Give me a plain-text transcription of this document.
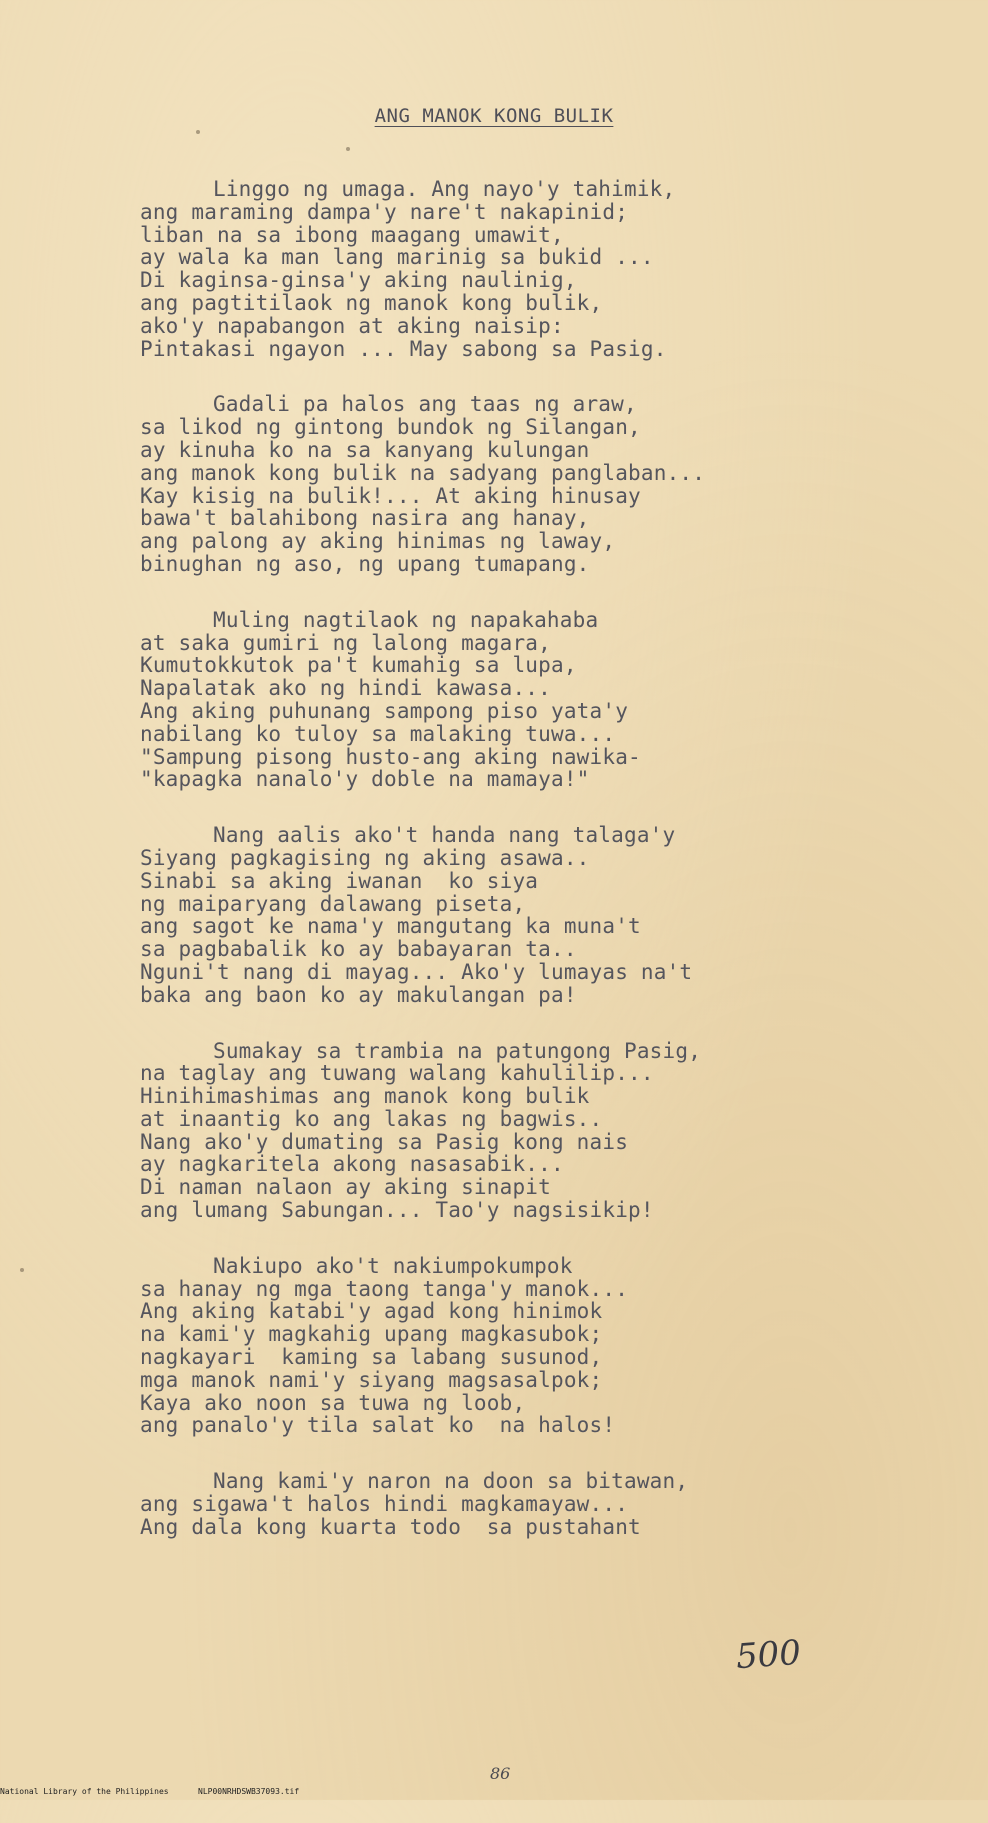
ANG MANOK KONG BULIK
Linggo ng umaga. Ang nayo'y tahimik,
ang maraming dampa'y nare't nakapinid;
liban na sa ibong maagang umawit,
ay wala ka man lang marinig sa bukid ...
Di kaginsa-ginsa'y aking naulinig,
ang pagtitilaok ng manok kong bulik,
ako'y napabangon at aking naisip:
Pintakasi ngayon ... May sabong sa Pasig.
Gadali pa halos ang taas ng araw,
sa likod ng gintong bundok ng Silangan,
ay kinuha ko na sa kanyang kulungan
ang manok kong bulik na sadyang panglaban...
Kay kisig na bulik!... At aking hinusay
bawa't balahibong nasira ang hanay,
ang palong ay aking hinimas ng laway,
binughan ng aso, ng upang tumapang.
Muling nagtilaok ng napakahaba
at saka gumiri ng lalong magara,
Kumutokkutok pa't kumahig sa lupa,
Napalatak ako ng hindi kawasa...
Ang aking puhunang sampong piso yata'y
nabilang ko tuloy sa malaking tuwa...
"Sampung pisong husto-ang aking nawika-
"kapagka nanalo'y doble na mamaya!"
Nang aalis ako't handa nang talaga'y
Siyang pagkagising ng aking asawa..
Sinabi sa aking iwanan  ko siya
ng maiparyang dalawang piseta,
ang sagot ke nama'y mangutang ka muna't
sa pagbabalik ko ay babayaran ta..
Nguni't nang di mayag... Ako'y lumayas na't
baka ang baon ko ay makulangan pa!
Sumakay sa trambia na patungong Pasig,
na taglay ang tuwang walang kahulilip...
Hinihimashimas ang manok kong bulik
at inaantig ko ang lakas ng bagwis..
Nang ako'y dumating sa Pasig kong nais
ay nagkaritela akong nasasabik...
Di naman nalaon ay aking sinapit
ang lumang Sabungan... Tao'y nagsisikip!
Nakiupo ako't nakiumpokumpok
sa hanay ng mga taong tanga'y manok...
Ang aking katabi'y agad kong hinimok
na kami'y magkahig upang magkasubok;
nagkayari  kaming sa labang susunod,
mga manok nami'y siyang magsasalpok;
Kaya ako noon sa tuwa ng loob,
ang panalo'y tila salat ko  na halos!
Nang kami'y naron na doon sa bitawan,
ang sigawa't halos hindi magkamayaw...
Ang dala kong kuarta todo  sa pustahant
500
86

National Library of the Philippines

	NLP00NRHDSWB37093.tif
